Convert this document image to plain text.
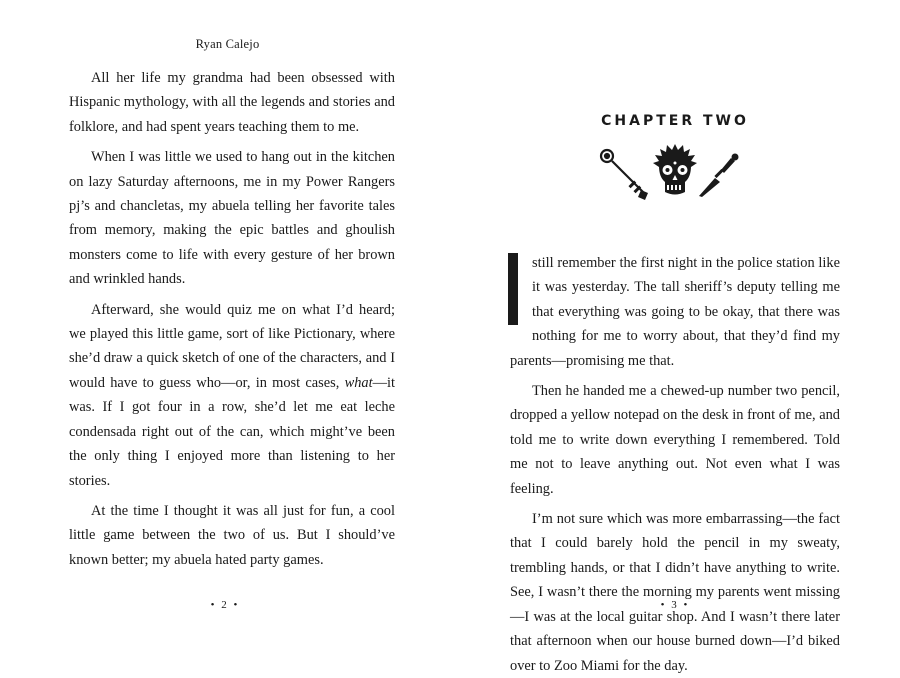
Ryan Calejo

All her life my grandma had been obsessed with Hispanic mythology, with all the legends and stories and folklore, and had spent years teaching them to me.

When I was little we used to hang out in the kitchen on lazy Saturday afternoons, me in my Power Rangers pj’s and chancletas, my abuela telling her favorite tales from memory, making the epic battles and ghoulish monsters come to life with every gesture of her brown and wrinkled hands.

Afterward, she would quiz me on what I’d heard; we played this little game, sort of like Pictionary, where she’d draw a quick sketch of one of the characters, and I would have to guess who—or, in most cases, what—it was. If I got four in a row, she’d let me eat leche condensada right out of the can, which might’ve been the only thing I enjoyed more than listening to her stories.

At the time I thought it was all just for fun, a cool little game between the two of us. But I should’ve known better; my abuela hated party games.

• 2 •
CHAPTER TWO

I
still remember the first night in the police station like it was yesterday. The tall sheriff’s deputy telling me that everything was going to be okay, that there was nothing for me to worry about, that they’d find my parents—promising me that.

Then he handed me a chewed-up number two pencil, dropped a yellow notepad on the desk in front of me, and told me to write down everything I remembered. Told me not to leave anything out. Not even what I was feeling.

I’m not sure which was more embarrassing—the fact that I could barely hold the pencil in my sweaty, trembling hands, or that I didn’t have anything to write. See, I wasn’t there the morning my parents went missing—I was at the local guitar shop. And I wasn’t there later that afternoon when our house burned down—I’d biked over to Zoo Miami for the day.

• 3 •
